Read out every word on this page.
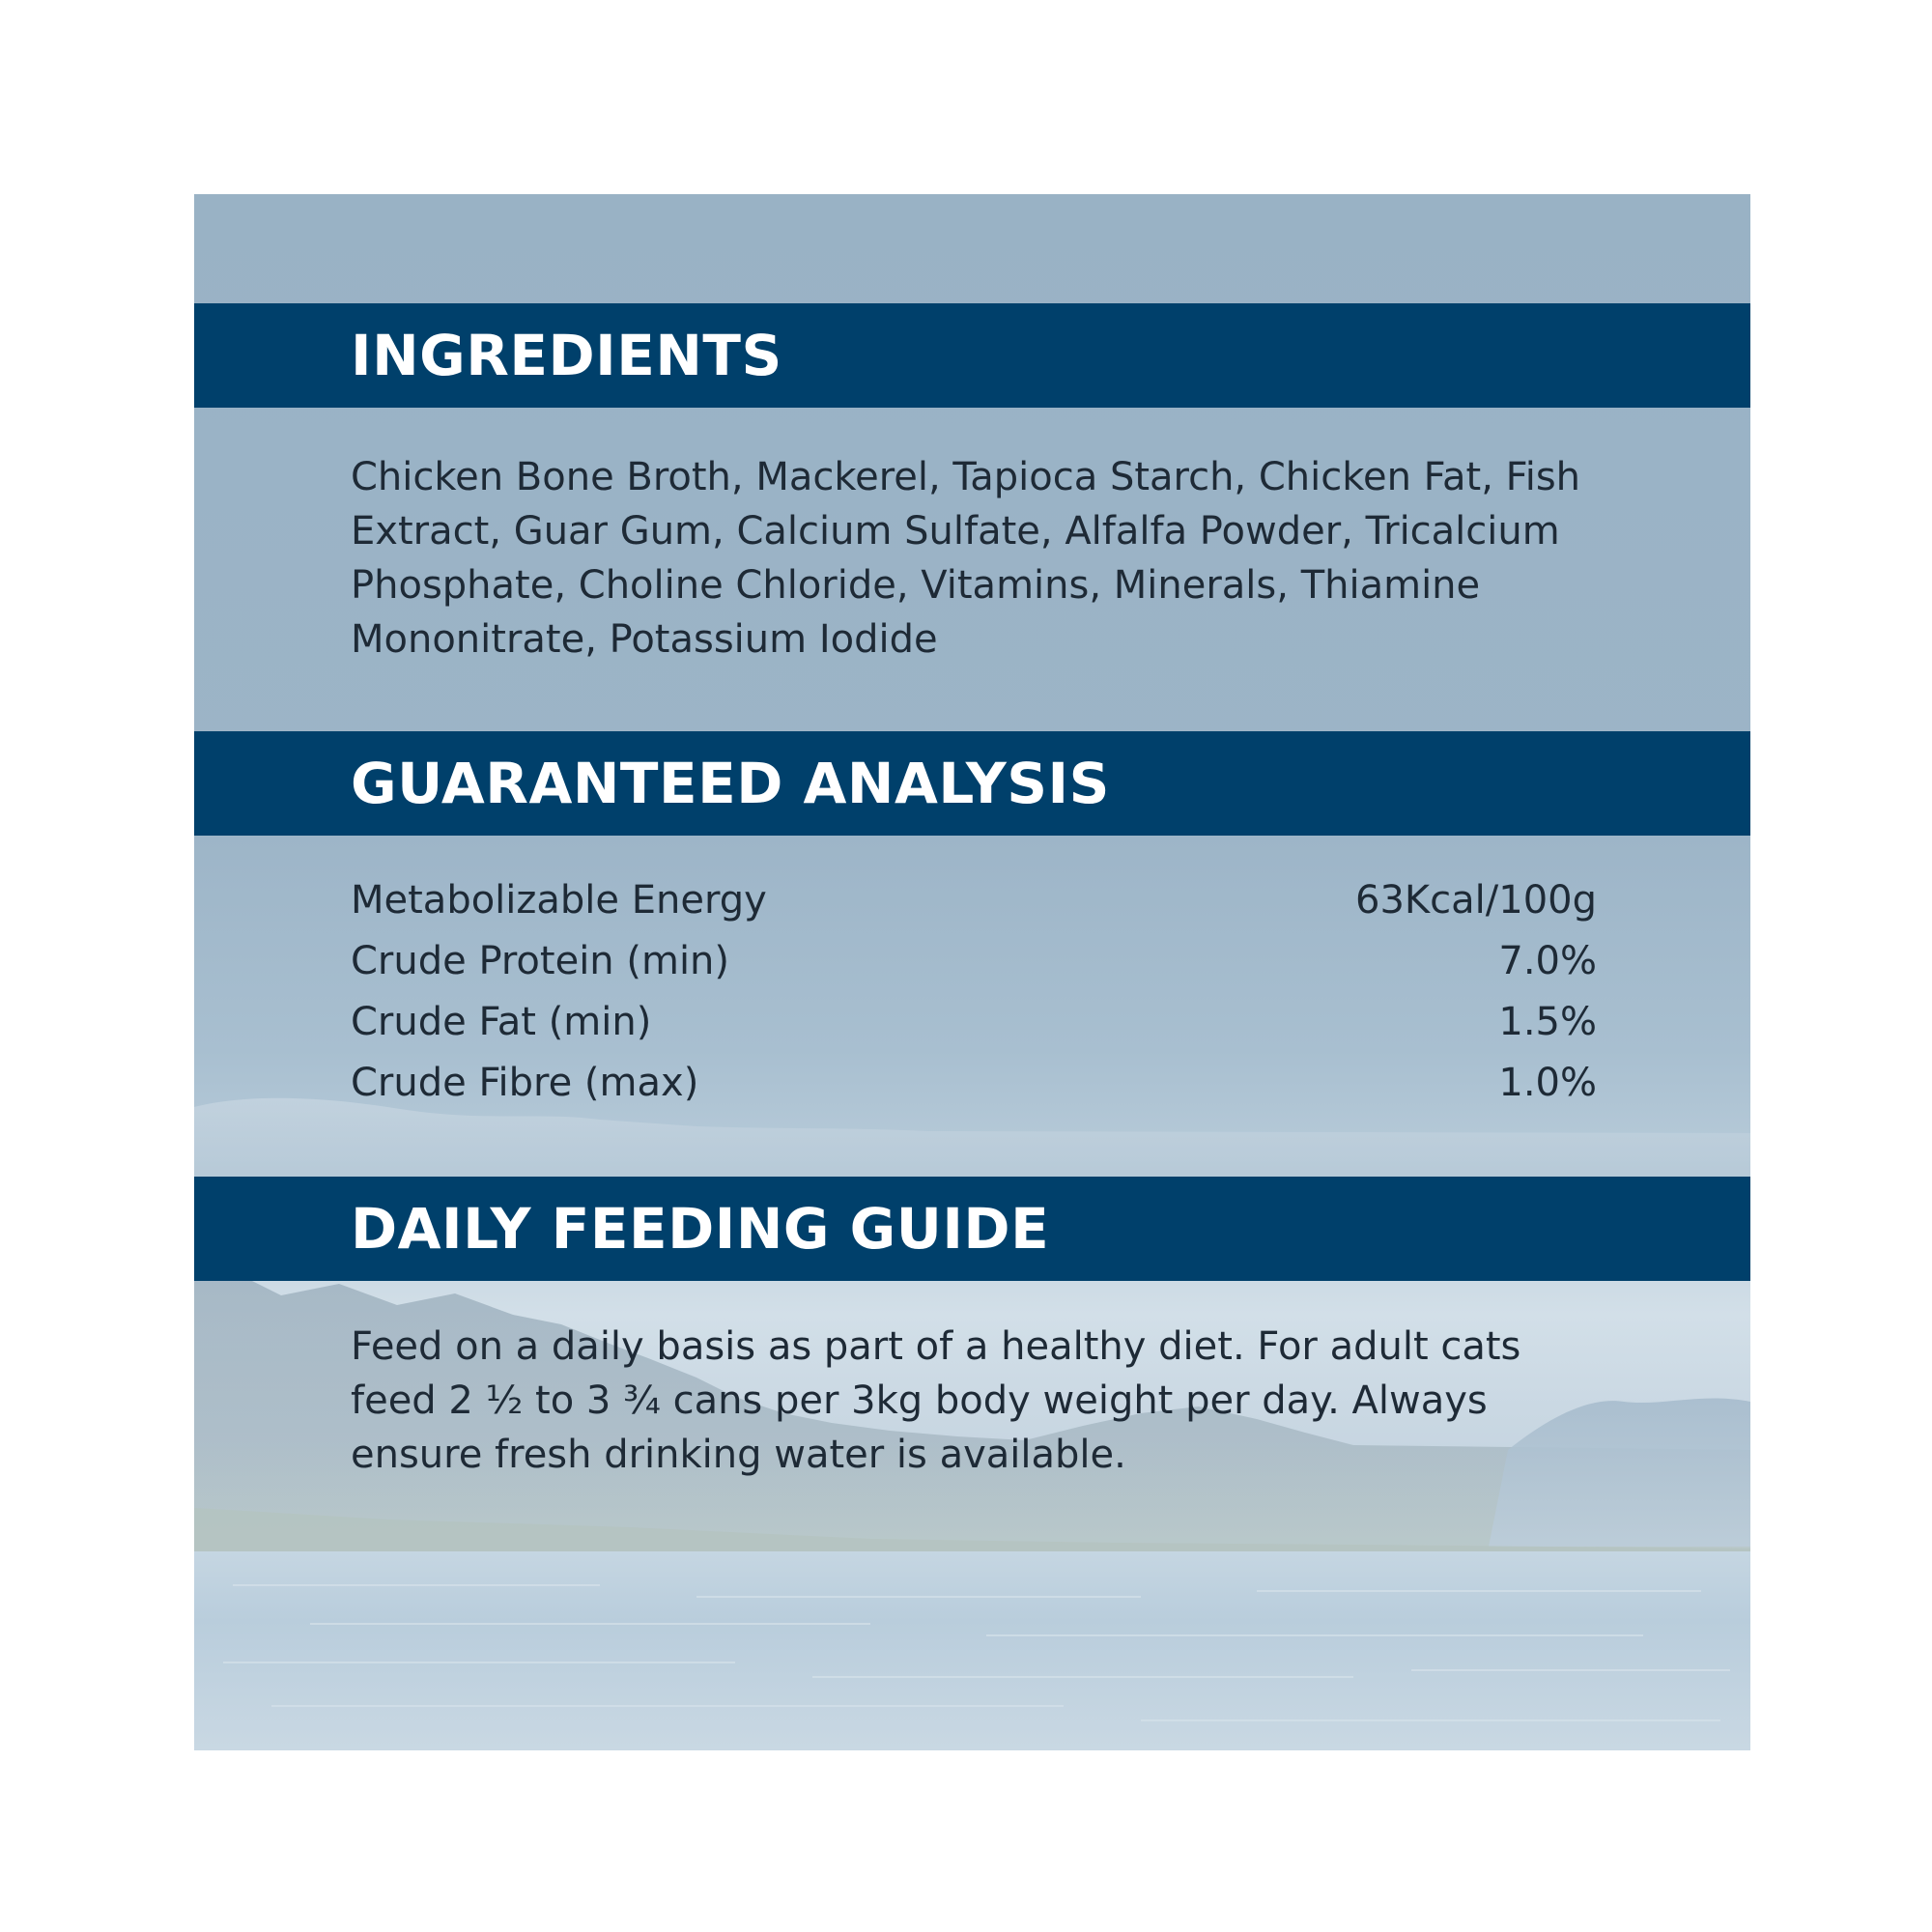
INGREDIENTS

Chicken Bone Broth, Mackerel, Tapioca Starch, Chicken Fat, Fish Extract, Guar Gum, Calcium Sulfate, Alfalfa Powder, Tricalcium Phosphate, Choline Chloride, Vitamins, Minerals, Thiamine Mononitrate, Potassium Iodide

GUARANTEED ANALYSIS
Metabolizable Energy	63Kcal/100g
Crude Protein (min)	7.0%
Crude Fat (min)	1.5%
Crude Fibre (max)	1.0%
DAILY FEEDING GUIDE

Feed on a daily basis as part of a healthy diet. For adult cats feed 2 ½ to 3 ¾ cans per 3kg body weight per day. Always ensure fresh drinking water is available.
